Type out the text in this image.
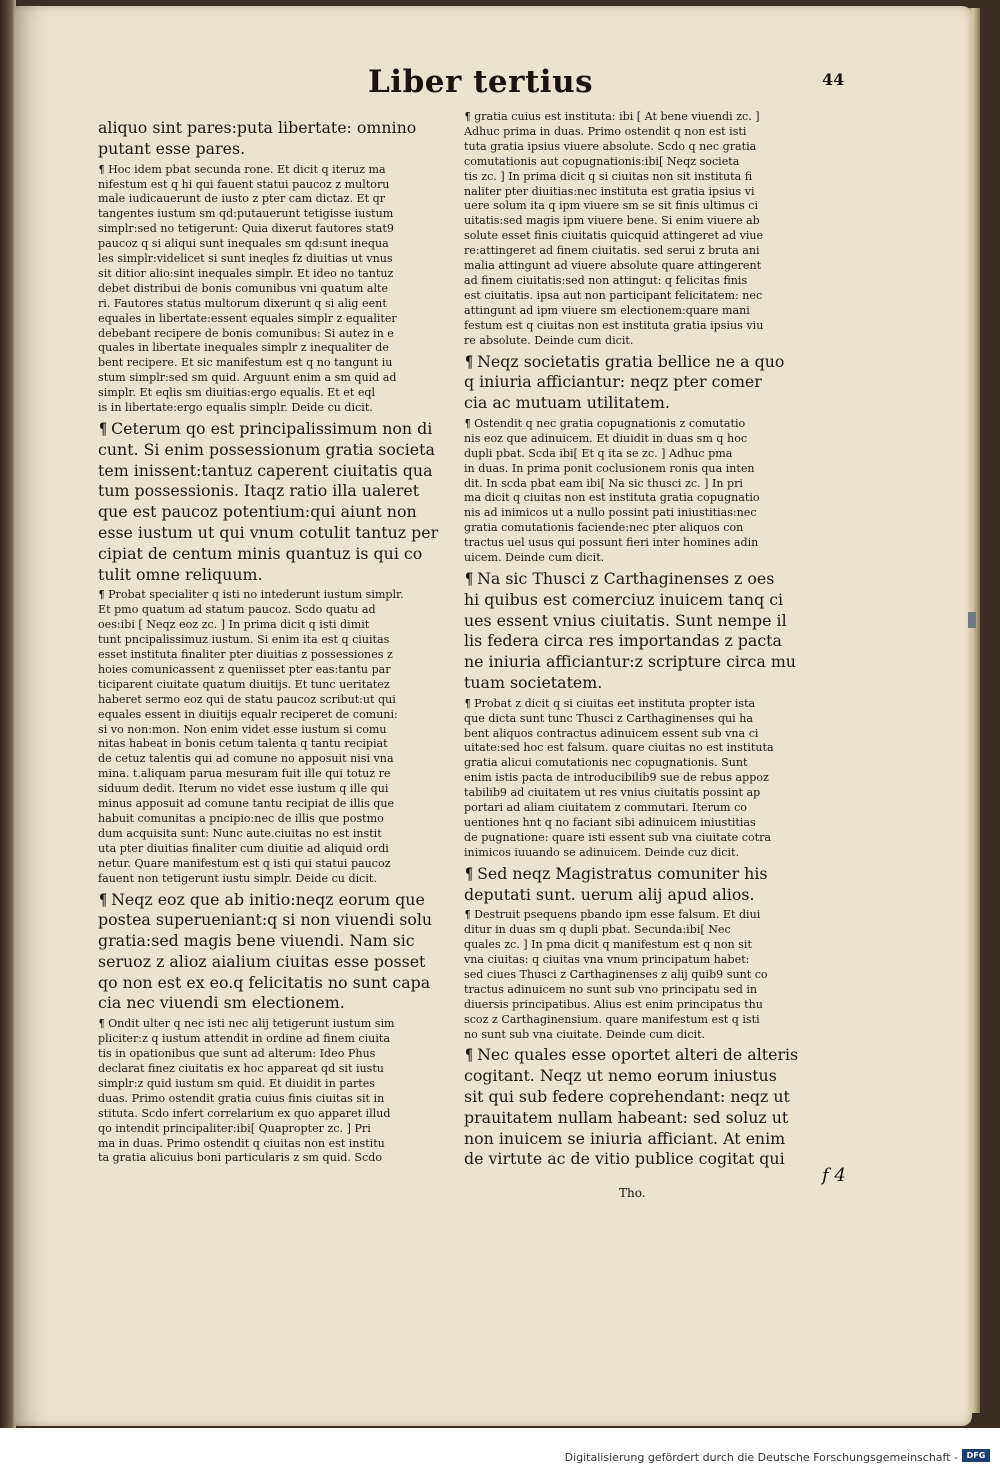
Liber tertius	44
aliquo sint pares:puta libertate: omnino
putant esse pares.
¶ Hoc idem pbat secunda rone. Et dicit q iteruz ma
nifestum est q hi qui fauent statui paucoz z multoru
male iudicauerunt de iusto z pter cam dictaz. Et qr
tangentes iustum sm qd:putauerunt tetigisse iustum
simplr:sed no tetigerunt: Quia dixerut fautores stat9
paucoz q si aliqui sunt inequales sm qd:sunt inequa
les simplr:videlicet si sunt ineqles fz diuitias ut vnus
sit ditior alio:sint inequales simplr. Et ideo no tantuz
debet distribui de bonis comunibus vni quatum alte
ri. Fautores status multorum dixerunt q si alig eent
equales in libertate:essent equales simplr z equaliter
debebant recipere de bonis comunibus: Si autez in e
quales in libertate inequales simplr z inequaliter de
bent recipere. Et sic manifestum est q no tangunt iu
stum simplr:sed sm quid. Arguunt enim a sm quid ad
simplr. Et eqlis sm diuitias:ergo equalis. Et et eql
is in libertate:ergo equalis simplr. Deide cu dicit.
¶ Ceterum qo est principalissimum non di
cunt. Si enim possessionum gratia societa
tem inissent:tantuz caperent ciuitatis qua
tum possessionis. Itaqz ratio illa ualeret
que est paucoz potentium:qui aiunt non
esse iustum ut qui vnum cotulit tantuz per
cipiat de centum minis quantuz is qui co
tulit omne reliquum.
¶ Probat specialiter q isti no intederunt iustum simplr.
Et pmo quatum ad statum paucoz. Scdo quatu ad
oes:ibi [ Neqz eoz zc. ] In prima dicit q isti dimit
tunt pncipalissimuz iustum. Si enim ita est q ciuitas
esset instituta finaliter pter diuitias z possessiones z
hoies comunicassent z queniisset pter eas:tantu par
ticiparent ciuitate quatum diuitijs. Et tunc ueritatez
haberet sermo eoz qui de statu paucoz scribut:ut qui
equales essent in diuitijs equalr reciperet de comuni:
si vo non:mon. Non enim videt esse iustum si comu
nitas habeat in bonis cetum talenta q tantu recipiat
de cetuz talentis qui ad comune no apposuit nisi vna
mina. t.aliquam parua mesuram fuit ille qui totuz re
siduum dedit. Iterum no videt esse iustum q ille qui
minus apposuit ad comune tantu recipiat de illis que
habuit comunitas a pncipio:nec de illis que postmo
dum acquisita sunt: Nunc aute.ciuitas no est instit
uta pter diuitias finaliter cum diuitie ad aliquid ordi
netur. Quare manifestum est q isti qui statui paucoz
fauent non tetigerunt iustu simplr. Deide cu dicit.
¶ Neqz eoz que ab initio:neqz eorum que
postea superueniant:q si non viuendi solu
gratia:sed magis bene viuendi. Nam sic
seruoz z alioz aialium ciuitas esse posset
qo non est ex eo.q felicitatis no sunt capa
cia nec viuendi sm electionem.
¶ Ondit ulter q nec isti nec alij tetigerunt iustum sim
pliciter:z q iustum attendit in ordine ad finem ciuita
tis in opationibus que sunt ad alterum: Ideo Phus
declarat finez ciuitatis ex hoc appareat qd sit iustu
simplr:z quid iustum sm quid. Et diuidit in partes
duas. Primo ostendit gratia cuius finis ciuitas sit in
stituta. Scdo infert correlarium ex quo apparet illud
qo intendit principaliter:ibi[ Quapropter zc. ] Pri
ma in duas. Primo ostendit q ciuitas non est institu
ta gratia alicuius boni particularis z sm quid. Scdo
¶ gratia cuius est instituta: ibi [ At bene viuendi zc. ]
Adhuc prima in duas. Primo ostendit q non est isti
tuta gratia ipsius viuere absolute. Scdo q nec gratia
comutationis aut copugnationis:ibi[ Neqz societa
tis zc. ] In prima dicit q si ciuitas non sit instituta fi
naliter pter diuitias:nec instituta est gratia ipsius vi
uere solum ita q ipm viuere sm se sit finis ultimus ci
uitatis:sed magis ipm viuere bene. Si enim viuere ab
solute esset finis ciuitatis quicquid attingeret ad viue
re:attingeret ad finem ciuitatis. sed serui z bruta ani
malia attingunt ad viuere absolute quare attingerent
ad finem ciuitatis:sed non attingut: q felicitas finis
est ciuitatis. ipsa aut non participant felicitatem: nec
attingunt ad ipm viuere sm electionem:quare mani
festum est q ciuitas non est instituta gratia ipsius viu
re absolute. Deinde cum dicit.
¶ Neqz societatis gratia bellice ne a quo
q iniuria afficiantur: neqz pter comer
cia ac mutuam utilitatem.
¶ Ostendit q nec gratia copugnationis z comutatio
nis eoz que adinuicem. Et diuidit in duas sm q hoc
dupli pbat. Scda ibi[ Et q ita se zc. ] Adhuc pma
in duas. In prima ponit coclusionem ronis qua inten
dit. In scda pbat eam ibi[ Na sic thusci zc. ] In pri
ma dicit q ciuitas non est instituta gratia copugnatio
nis ad inimicos ut a nullo possint pati iniustitias:nec
gratia comutationis faciende:nec pter aliquos con
tractus uel usus qui possunt fieri inter homines adin
uicem. Deinde cum dicit.
¶ Na sic Thusci z Carthaginenses z oes
hi quibus est comerciuz inuicem tanq ci
ues essent vnius ciuitatis. Sunt nempe il
lis federa circa res importandas z pacta
ne iniuria afficiantur:z scripture circa mu
tuam societatem.
¶ Probat z dicit q si ciuitas eet instituta propter ista
que dicta sunt tunc Thusci z Carthaginenses qui ha
bent aliquos contractus adinuicem essent sub vna ci
uitate:sed hoc est falsum. quare ciuitas no est instituta
gratia alicui comutationis nec copugnationis. Sunt
enim istis pacta de introducibilib9 sue de rebus appoz
tabilib9 ad ciuitatem ut res vnius ciuitatis possint ap
portari ad aliam ciuitatem z commutari. Iterum co
uentiones hnt q no faciant sibi adinuicem iniustitias
de pugnatione: quare isti essent sub vna ciuitate cotra
inimicos iuuando se adinuicem. Deinde cuz dicit.
¶ Sed neqz Magistratus comuniter his
deputati sunt. uerum alij apud alios.
¶ Destruit psequens pbando ipm esse falsum. Et diui
ditur in duas sm q dupli pbat. Secunda:ibi[ Nec
quales zc. ] In pma dicit q manifestum est q non sit
vna ciuitas: q ciuitas vna vnum principatum habet:
sed ciues Thusci z Carthaginenses z alij quib9 sunt co
tractus adinuicem no sunt sub vno principatu sed in
diuersis principatibus. Alius est enim principatus thu
scoz z Carthaginensium. quare manifestum est q isti
no sunt sub vna ciuitate. Deinde cum dicit.
¶ Nec quales esse oportet alteri de alteris
cogitant. Neqz ut nemo eorum iniustus
sit qui sub federe coprehendant: neqz ut
prauitatem nullam habeant: sed soluz ut
non inuicem se iniuria afficiant. At enim
de virtute ac de vitio publice cogitat qui
f 4
Tho.
Digitalisierung gefördert durch die Deutsche Forschungsgemeinschaft -	DFG
